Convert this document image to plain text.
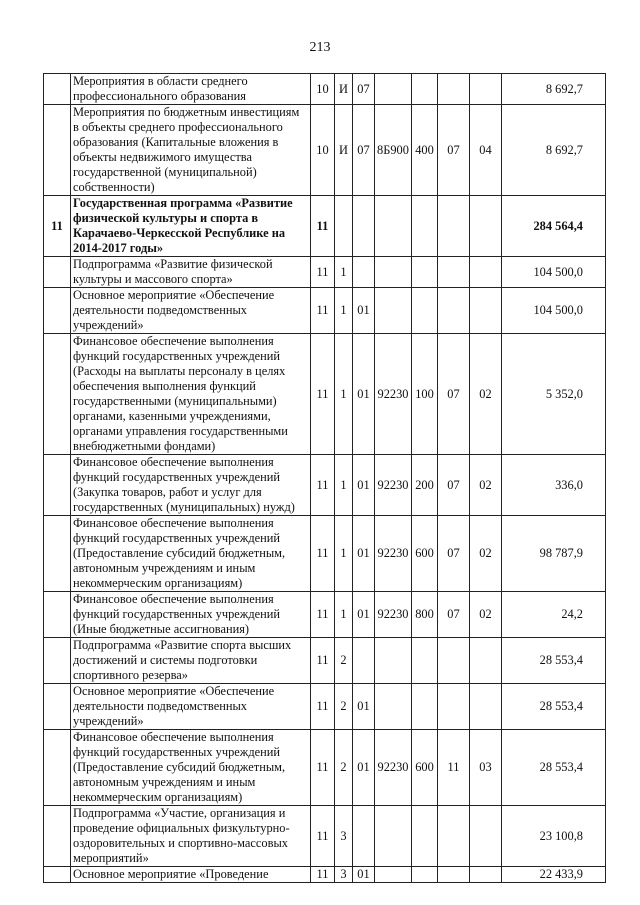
213
	Мероприятия в области среднего профессионального образования	10	И	07					8 692,7
	Мероприятия по бюджетным инвестициям в объекты среднего профессионального образования (Капитальные вложения в объекты недвижимого имущества государственной (муниципальной) собственности)	10	И	07	8Б900	400	07	04	8 692,7
11	Государственная программа «Развитие физической культуры и спорта в Карачаево-Черкесской Республике на 2014-2017 годы»	11							284 564,4
	Подпрограмма «Развитие физической культуры и массового спорта»	11	1						104 500,0
	Основное мероприятие «Обеспечение деятельности подведомственных учреждений»	11	1	01					104 500,0
	Финансовое обеспечение выполнения функций государственных учреждений (Расходы на выплаты персоналу в целях обеспечения выполнения функций государственными (муниципальными) органами, казенными учреждениями, органами управления государственными внебюджетными фондами)	11	1	01	92230	100	07	02	5 352,0
	Финансовое обеспечение выполнения функций государственных учреждений (Закупка товаров, работ и услуг для государственных (муниципальных) нужд)	11	1	01	92230	200	07	02	336,0
	Финансовое обеспечение выполнения функций государственных учреждений (Предоставление субсидий бюджетным, автономным учреждениям и иным некоммерческим организациям)	11	1	01	92230	600	07	02	98 787,9
	Финансовое обеспечение выполнения функций государственных учреждений (Иные бюджетные ассигнования)	11	1	01	92230	800	07	02	24,2
	Подпрограмма «Развитие спорта высших достижений и системы подготовки спортивного резерва»	11	2						28 553,4
	Основное мероприятие «Обеспечение деятельности подведомственных учреждений»	11	2	01					28 553,4
	Финансовое обеспечение выполнения функций государственных учреждений (Предоставление субсидий бюджетным, автономным учреждениям и иным некоммерческим организациям)	11	2	01	92230	600	11	03	28 553,4
	Подпрограмма «Участие, организация и проведение официальных физкультурно-оздоровительных и спортивно-массовых мероприятий»	11	3						23 100,8
	Основное мероприятие «Проведение	11	3	01					22 433,9
